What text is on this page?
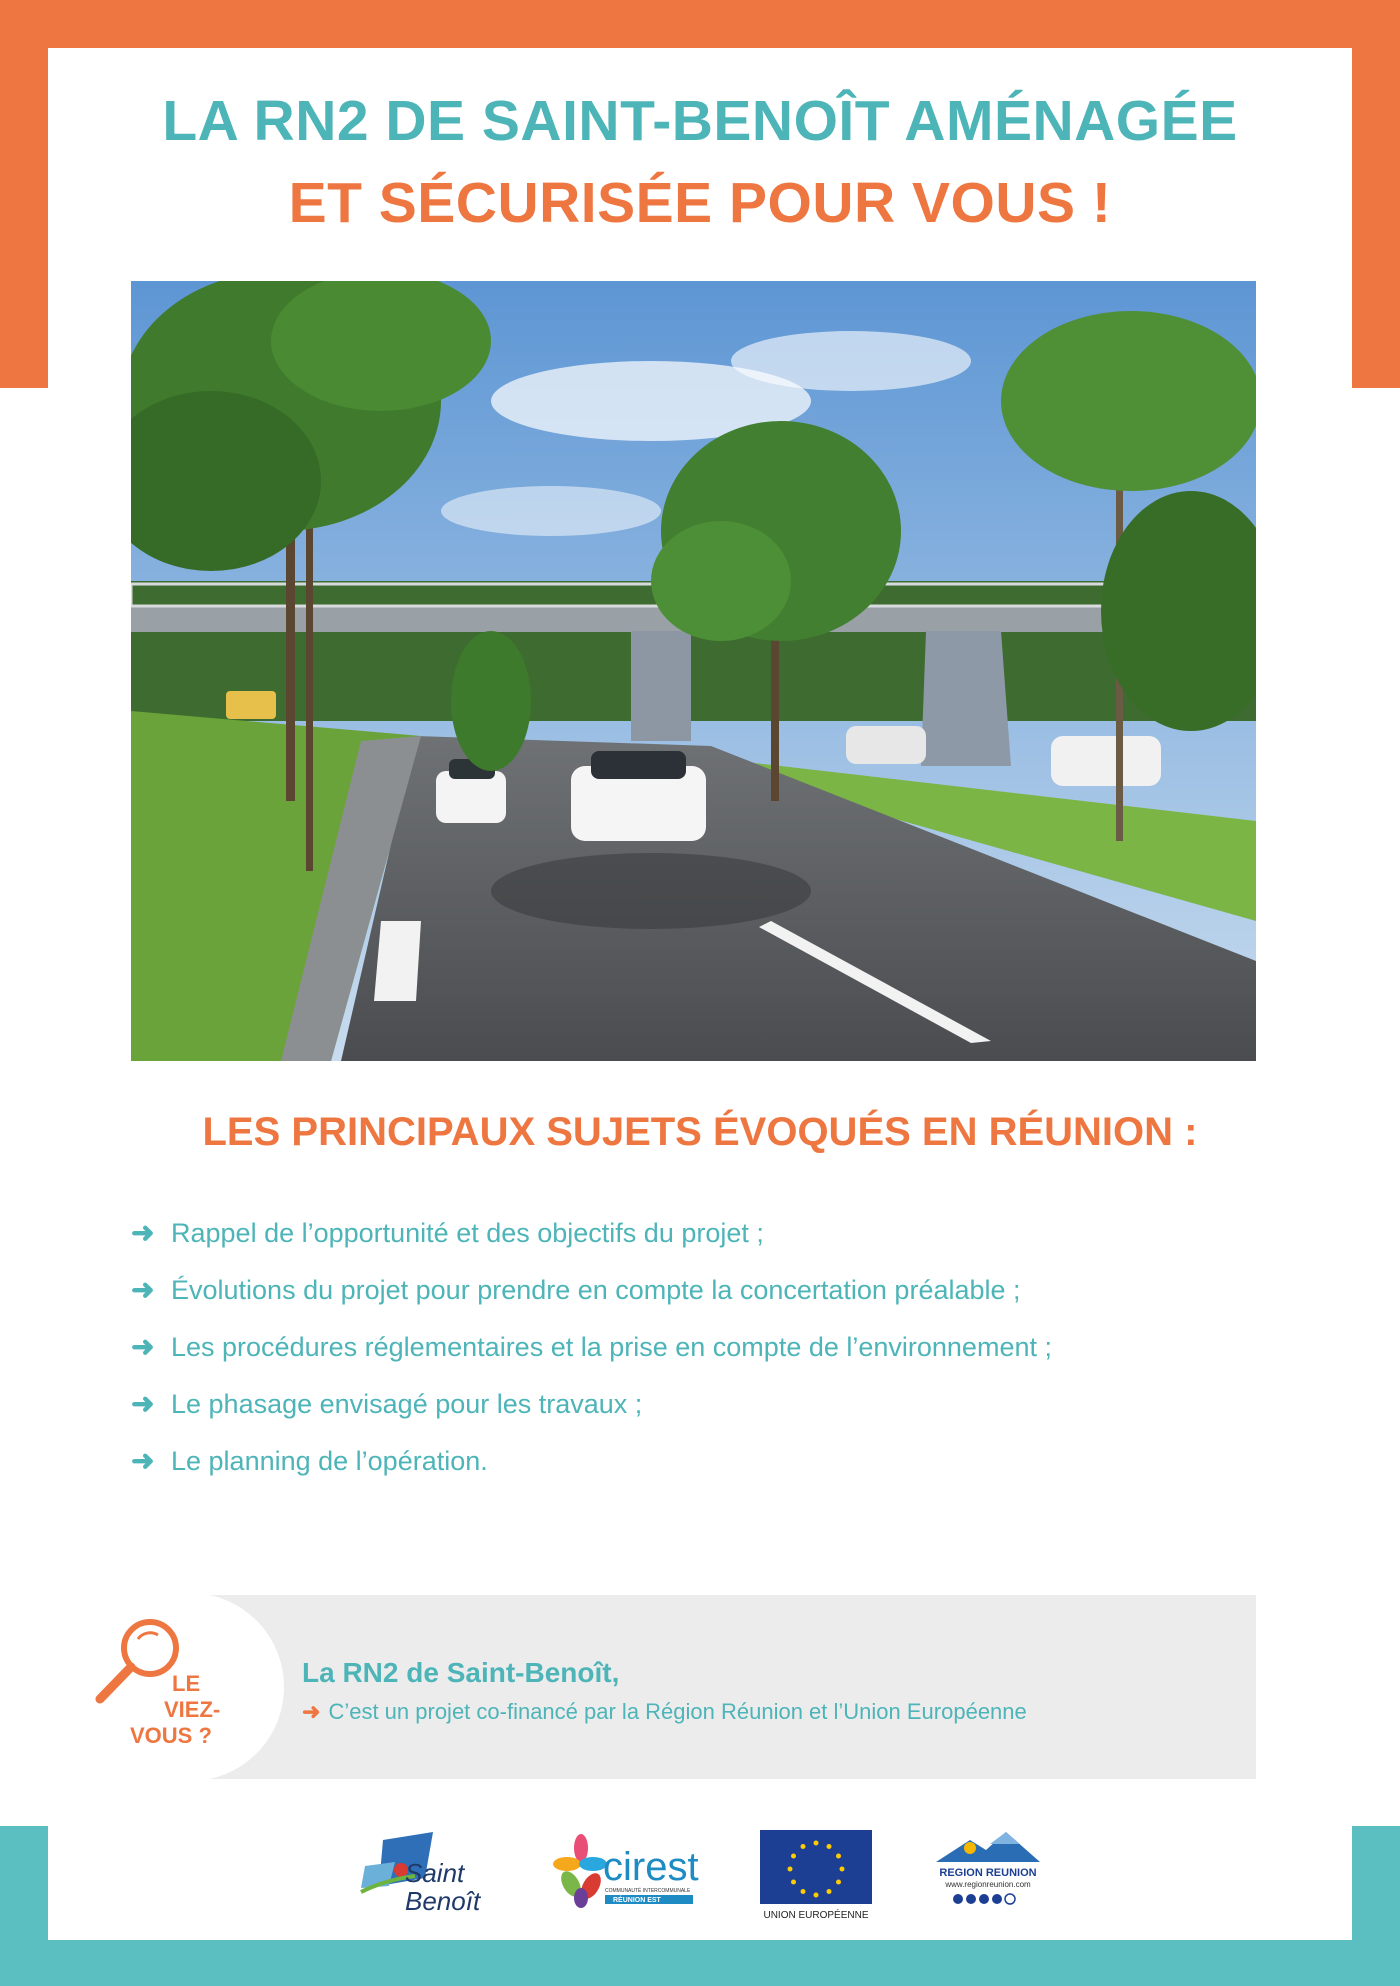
LA RN2 DE SAINT-BENOÎT AMÉNAGÉE
ET SÉCURISÉE POUR VOUS !
LES PRINCIPAUX SUJETS ÉVOQUÉS EN RÉUNION :
➜ Rappel de l’opportunité et des objectifs du projet ;
➜ Évolutions du projet pour prendre en compte la concertation préalable ;
➜ Les procédures réglementaires et la prise en compte de l’environnement ;
➜ Le phasage envisagé pour les travaux ;
➜ Le planning de l’opération.
LE
VIEZ-
VOUS ?

La RN2 de Saint-Benoît,

➜ C’est un projet co-financé par la Région Réunion et l’Union Européenne
Saint
Benoît
cirest
COMMUNAUTÉ INTERCOMMUNALE
RÉUNION EST
UNION EUROPÉENNE
REGION REUNION
www.regionreunion.com
